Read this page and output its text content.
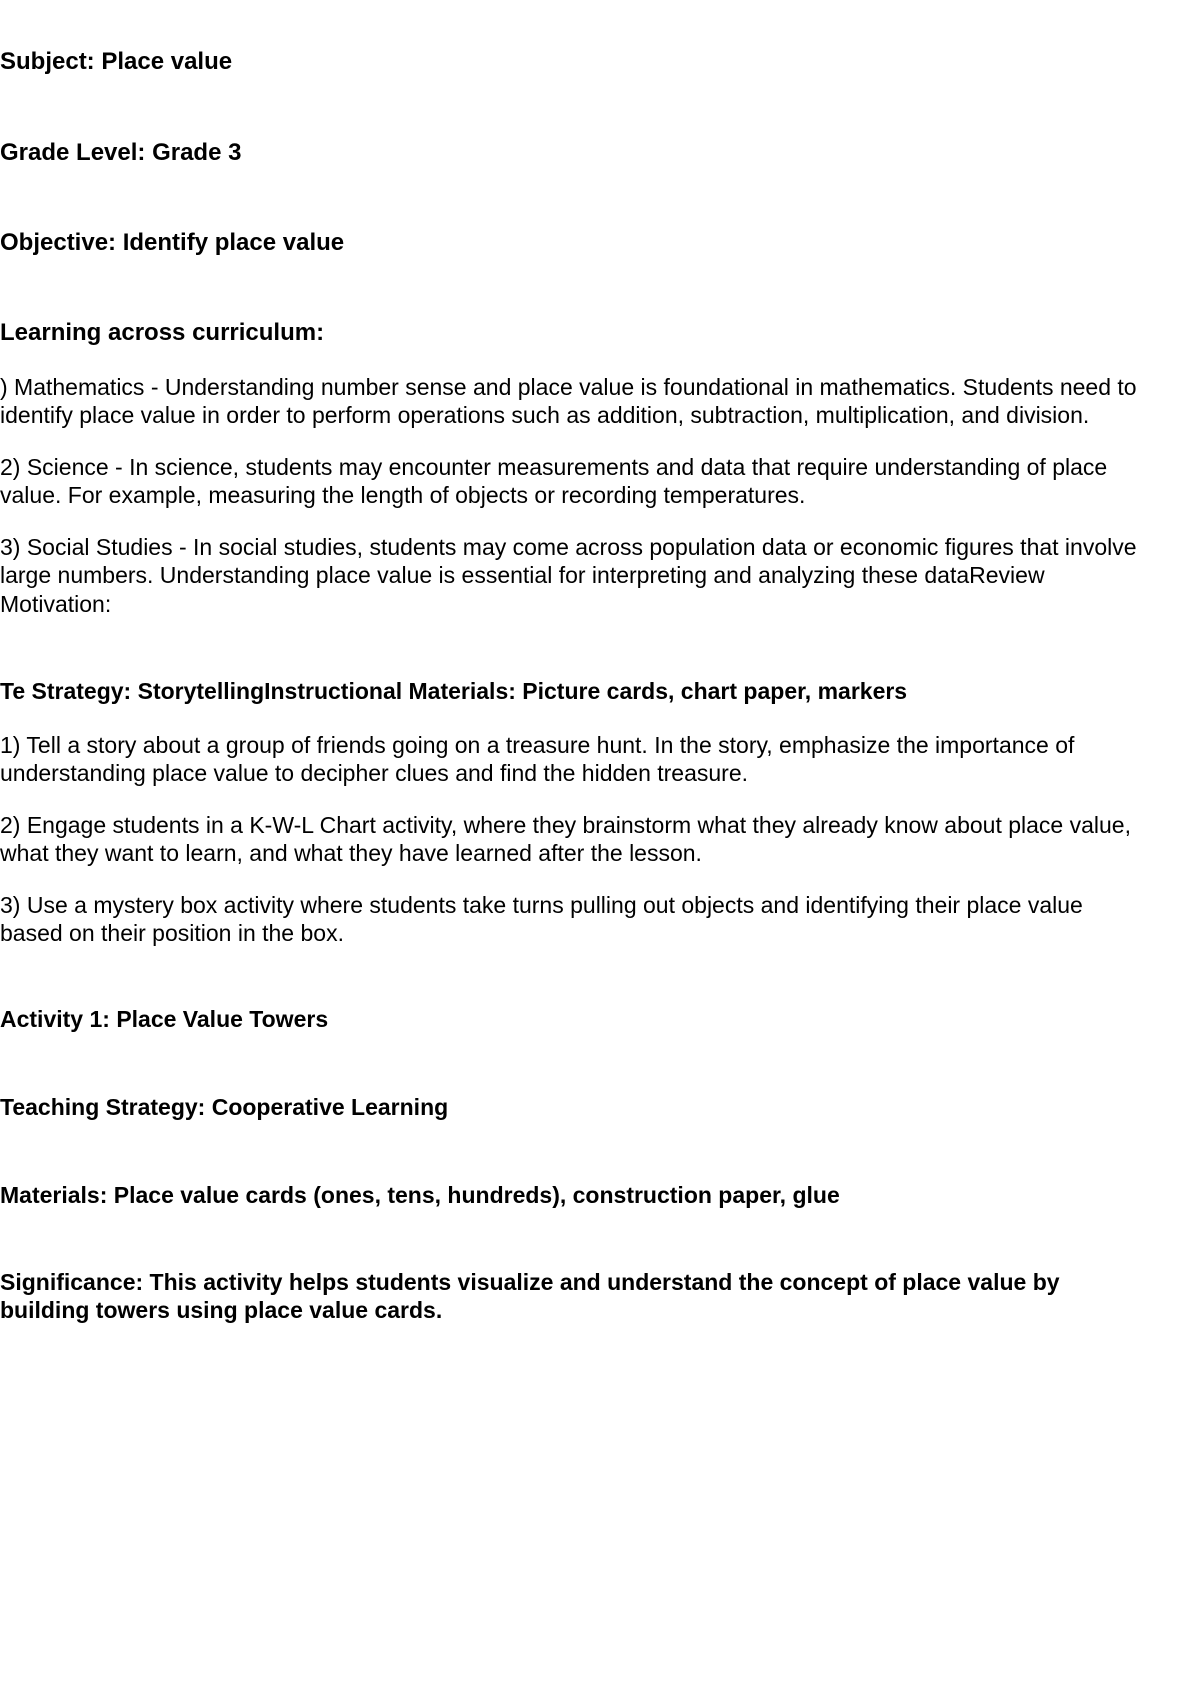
Subject: Place value

Grade Level: Grade 3

Objective: Identify place value

Learning across curriculum:

) Mathematics - Understanding number sense and place value is foundational in mathematics. Students need to

identify place value in order to perform operations such as addition, subtraction, multiplication, and division.

2) Science - In science, students may encounter measurements and data that require understanding of place

value. For example, measuring the length of objects or recording temperatures.

3) Social Studies - In social studies, students may come across population data or economic figures that involve

large numbers. Understanding place value is essential for interpreting and analyzing these dataReview

Motivation:

Te Strategy: StorytellingInstructional Materials: Picture cards, chart paper, markers

1) Tell a story about a group of friends going on a treasure hunt. In the story, emphasize the importance of

understanding place value to decipher clues and find the hidden treasure.

2) Engage students in a K-W-L Chart activity, where they brainstorm what they already know about place value,

what they want to learn, and what they have learned after the lesson.

3) Use a mystery box activity where students take turns pulling out objects and identifying their place value

based on their position in the box.

Activity 1: Place Value Towers

Teaching Strategy: Cooperative Learning

Materials: Place value cards (ones, tens, hundreds), construction paper, glue

Significance: This activity helps students visualize and understand the concept of place value by

building towers using place value cards.
